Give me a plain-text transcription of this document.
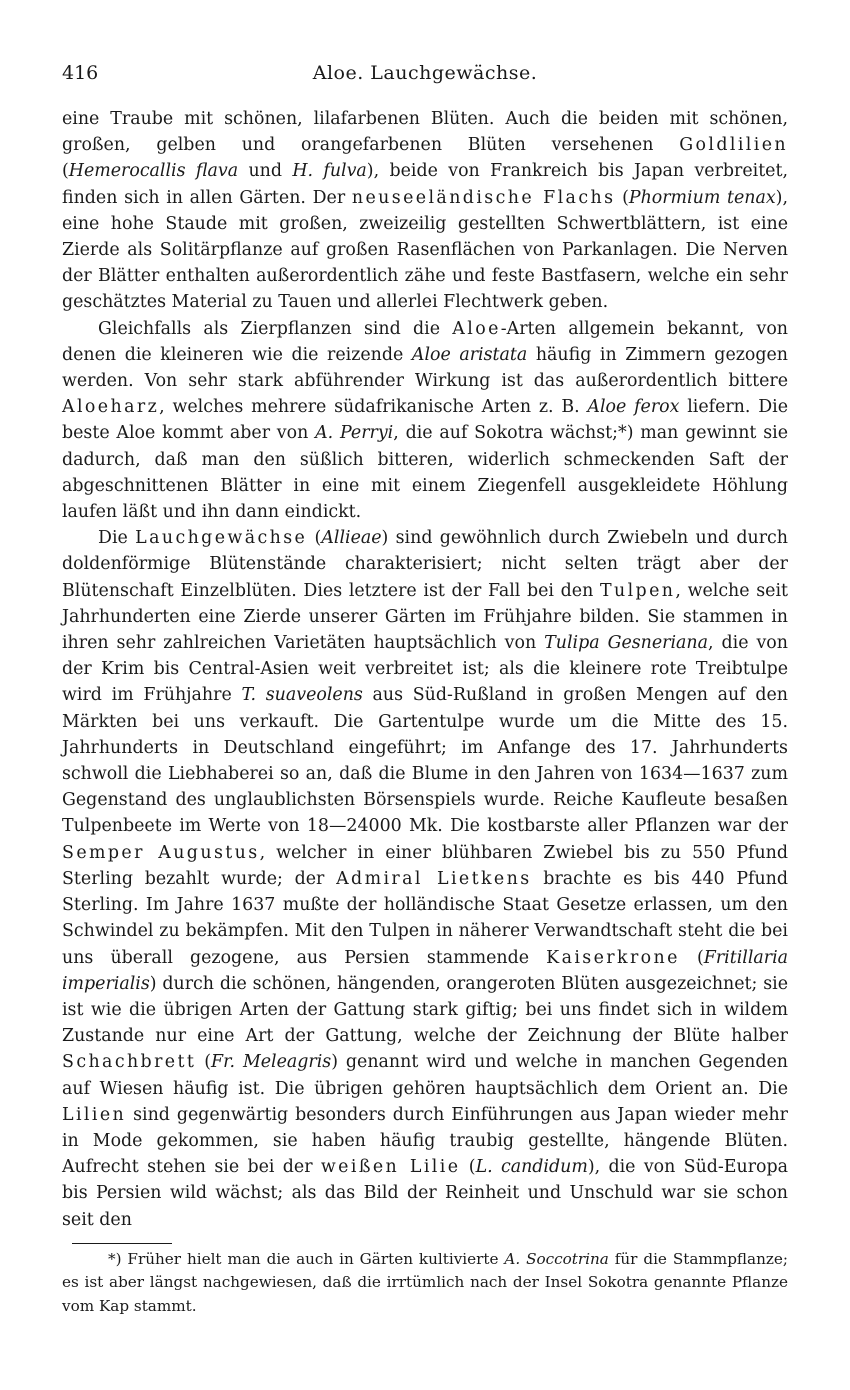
416	Aloe. Lauchgewächse.

eine Traube mit schönen, lilafarbenen Blüten. Auch die beiden mit schönen, großen, gelben und orangefarbenen Blüten versehenen Goldlilien (Hemerocallis flava und H. fulva), beide von Frankreich bis Japan verbreitet, finden sich in allen Gärten. Der neuseeländische Flachs (Phormium tenax), eine hohe Staude mit großen, zweizeilig gestellten Schwertblättern, ist eine Zierde als Solitärpflanze auf großen Rasenflächen von Parkanlagen. Die Nerven der Blätter enthalten außerordentlich zähe und feste Bastfasern, welche ein sehr geschätztes Material zu Tauen und allerlei Flechtwerk geben.

Gleichfalls als Zierpflanzen sind die Aloe-Arten allgemein bekannt, von denen die kleineren wie die reizende Aloe aristata häufig in Zimmern gezogen werden. Von sehr stark abführender Wirkung ist das außerordentlich bittere Aloeharz, welches mehrere südafrikanische Arten z. B. Aloe ferox liefern. Die beste Aloe kommt aber von A. Perryi, die auf Sokotra wächst;*) man gewinnt sie dadurch, daß man den süßlich bitteren, widerlich schmeckenden Saft der abgeschnittenen Blätter in eine mit einem Ziegenfell ausgekleidete Höhlung laufen läßt und ihn dann eindickt.

Die Lauchgewächse (Allieae) sind gewöhnlich durch Zwiebeln und durch doldenförmige Blütenstände charakterisiert; nicht selten trägt aber der Blütenschaft Einzelblüten. Dies letztere ist der Fall bei den Tulpen, welche seit Jahrhunderten eine Zierde unserer Gärten im Frühjahre bilden. Sie stammen in ihren sehr zahlreichen Varietäten hauptsächlich von Tulipa Gesneriana, die von der Krim bis Central-Asien weit verbreitet ist; als die kleinere rote Treibtulpe wird im Frühjahre T. suaveolens aus Süd-Rußland in großen Mengen auf den Märkten bei uns verkauft. Die Gartentulpe wurde um die Mitte des 15. Jahrhunderts in Deutschland eingeführt; im Anfange des 17. Jahrhunderts schwoll die Liebhaberei so an, daß die Blume in den Jahren von 1634—1637 zum Gegenstand des unglaublichsten Börsenspiels wurde. Reiche Kaufleute besaßen Tulpenbeete im Werte von 18—24000 Mk. Die kostbarste aller Pflanzen war der Semper Augustus, welcher in einer blühbaren Zwiebel bis zu 550 Pfund Sterling bezahlt wurde; der Admiral Lietkens brachte es bis 440 Pfund Sterling. Im Jahre 1637 mußte der holländische Staat Gesetze erlassen, um den Schwindel zu bekämpfen. Mit den Tulpen in näherer Verwandtschaft steht die bei uns überall gezogene, aus Persien stammende Kaiserkrone (Fritillaria imperialis) durch die schönen, hängenden, orangeroten Blüten ausgezeichnet; sie ist wie die übrigen Arten der Gattung stark giftig; bei uns findet sich in wildem Zustande nur eine Art der Gattung, welche der Zeichnung der Blüte halber Schachbrett (Fr. Meleagris) genannt wird und welche in manchen Gegenden auf Wiesen häufig ist. Die übrigen gehören hauptsächlich dem Orient an. Die Lilien sind gegenwärtig besonders durch Einführungen aus Japan wieder mehr in Mode gekommen, sie haben häufig traubig gestellte, hängende Blüten. Aufrecht stehen sie bei der weißen Lilie (L. candidum), die von Süd-Europa bis Persien wild wächst; als das Bild der Reinheit und Unschuld war sie schon seit den

*) Früher hielt man die auch in Gärten kultivierte A. Soccotrina für die Stammpflanze; es ist aber längst nachgewiesen, daß die irrtümlich nach der Insel Sokotra genannte Pflanze vom Kap stammt.
